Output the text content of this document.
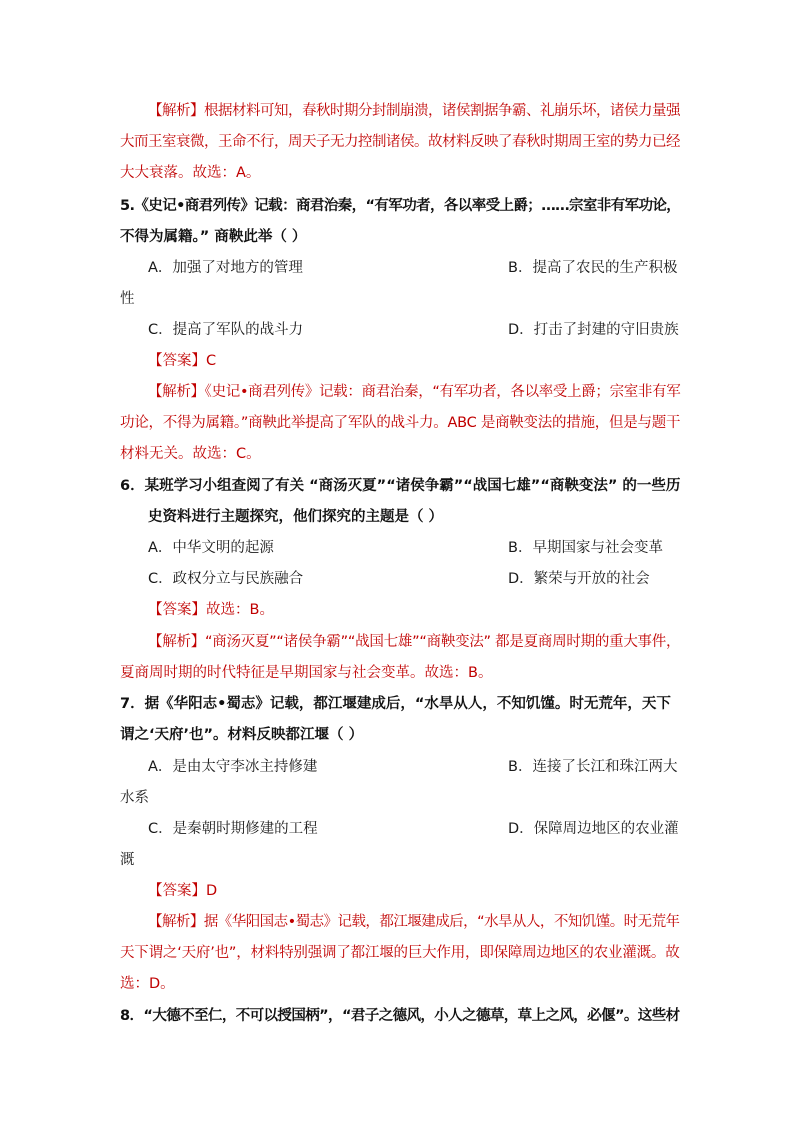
【解析】根据材料可知，春秋时期分封制崩溃，诸侯割据争霸、礼崩乐坏，诸侯力量强
大而王室衰微，王命不行，周天子无力控制诸侯。故材料反映了春秋时期周王室的势力已经
大大衰落。故选：A。
5.《史记•商君列传》记载：商君治秦，“有军功者，各以率受上爵；……宗室非有军功论，
不得为属籍。” 商鞅此举（ ）
A．加强了对地方的管理	B．提高了农民的生产积极
性
C．提高了军队的战斗力	D．打击了封建的守旧贵族
【答案】C
【解析】《史记•商君列传》记载：商君治秦，“有军功者，各以率受上爵；宗室非有军
功论，不得为属籍。”商鞅此举提高了军队的战斗力。ABC 是商鞅变法的措施，但是与题干
材料无关。故选：C。
6．某班学习小组查阅了有关 “商汤灭夏”“诸侯争霸”“战国七雄”“商鞅变法” 的一些历
史资料进行主题探究，他们探究的主题是（ ）
A．中华文明的起源	B．早期国家与社会变革
C．政权分立与民族融合	D．繁荣与开放的社会
【答案】故选：B。
【解析】“商汤灭夏”“诸侯争霸”“战国七雄”“商鞅变法” 都是夏商周时期的重大事件，
夏商周时期的时代特征是早期国家与社会变革。故选：B。
7．据《华阳志•蜀志》记载，都江堰建成后，“水旱从人，不知饥馑。时无荒年，天下
谓之‘天府’也”。材料反映都江堰（ ）
A．是由太守李冰主持修建	B．连接了长江和珠江两大
水系
C．是秦朝时期修建的工程	D．保障周边地区的农业灌
溉
【答案】D
【解析】据《华阳国志•蜀志》记载，都江堰建成后，“水旱从人，不知饥馑。时无荒年
天下谓之‘天府’也”，材料特别强调了都江堰的巨大作用，即保障周边地区的农业灌溉。故
选：D。
8．“大德不至仁，不可以授国柄”，“君子之德风，小人之德草，草上之风，必偃”。这些材
